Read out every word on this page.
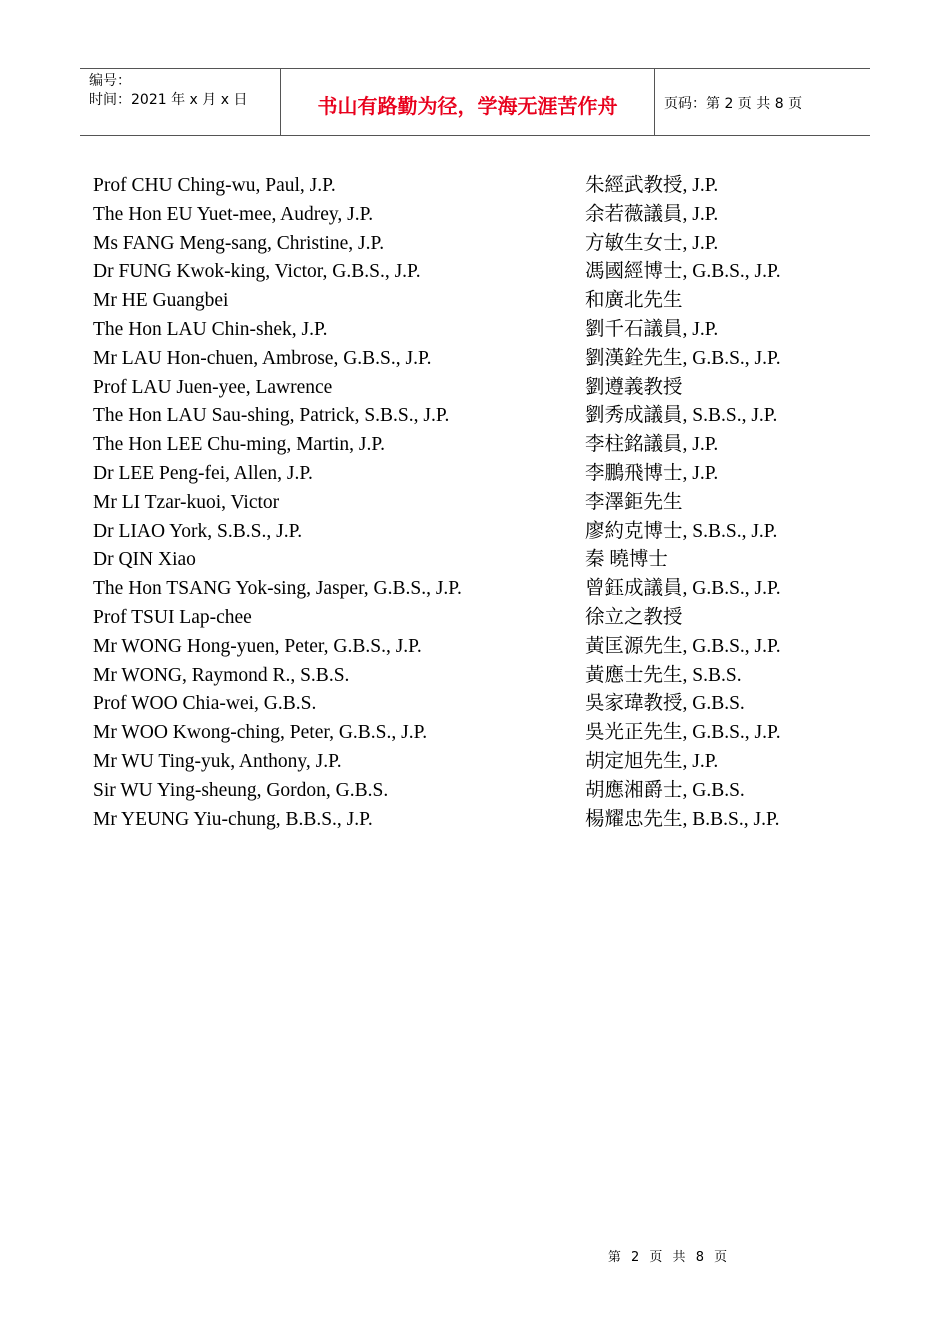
编号：
时间：2021 年 x 月 x 日	书山有路勤为径，学海无涯苦作舟	页码：第 2 页 共 8 页
Prof CHU Ching-wu, Paul, J.P.	朱經武教授, J.P.
The Hon EU Yuet-mee, Audrey, J.P.	余若薇議員, J.P.
Ms FANG Meng-sang, Christine, J.P.	方敏生女士, J.P.
Dr FUNG Kwok-king, Victor, G.B.S., J.P.	馮國經博士, G.B.S., J.P.
Mr HE Guangbei	和廣北先生
The Hon LAU Chin-shek, J.P.	劉千石議員, J.P.
Mr LAU Hon-chuen, Ambrose, G.B.S., J.P.	劉漢銓先生, G.B.S., J.P.
Prof LAU Juen-yee, Lawrence	劉遵義教授
The Hon LAU Sau-shing, Patrick, S.B.S., J.P.	劉秀成議員, S.B.S., J.P.
The Hon LEE Chu-ming, Martin, J.P.	李柱銘議員, J.P.
Dr LEE Peng-fei, Allen, J.P.	李鵬飛博士, J.P.
Mr LI Tzar-kuoi, Victor	李澤鉅先生
Dr LIAO York, S.B.S., J.P.	廖約克博士, S.B.S., J.P.
Dr QIN Xiao	秦 曉博士
The Hon TSANG Yok-sing, Jasper, G.B.S., J.P.	曾鈺成議員, G.B.S., J.P.
Prof TSUI Lap-chee	徐立之教授
Mr WONG Hong-yuen, Peter, G.B.S., J.P.	黃匡源先生, G.B.S., J.P.
Mr WONG, Raymond R., S.B.S.	黃應士先生, S.B.S.
Prof WOO Chia-wei, G.B.S.	吳家瑋教授, G.B.S.
Mr WOO Kwong-ching, Peter, G.B.S., J.P.	吳光正先生, G.B.S., J.P.
Mr WU Ting-yuk, Anthony, J.P.	胡定旭先生, J.P.
Sir WU Ying-sheung, Gordon, G.B.S.	胡應湘爵士, G.B.S.
Mr YEUNG Yiu-chung, B.B.S., J.P.	楊耀忠先生, B.B.S., J.P.
第 2 页 共 8 页
